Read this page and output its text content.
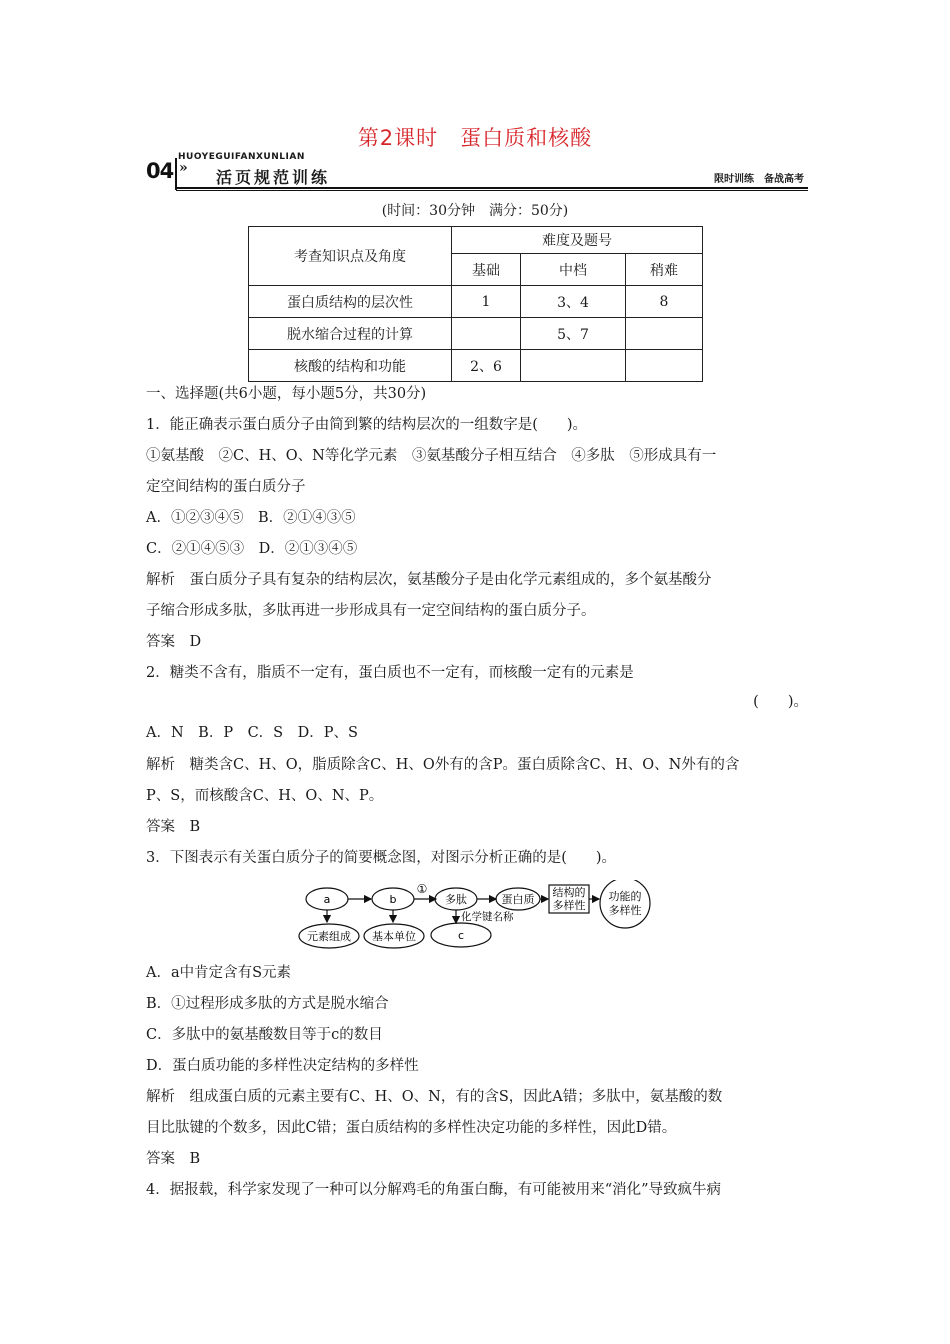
第2课时　蛋白质和核酸
04
HUOYEGUIFANXUNLIAN
» 活页规范训练	限时训练　备战高考
(时间：30分钟　满分：50分)
考查知识点及角度	难度及题号		
	基础	中档	稍难
蛋白质结构的层次性	1	3、4	8
脱水缩合过程的计算		5、7	
核酸的结构和功能	2、6		
一、选择题(共6小题，每小题5分，共30分)
1．能正确表示蛋白质分子由简到繁的结构层次的一组数字是(　　)。
①氨基酸　②C、H、O、N等化学元素　③氨基酸分子相互结合　④多肽　⑤形成具有一
定空间结构的蛋白质分子
A．①②③④⑤　B．②①④③⑤
C．②①④⑤③　D．②①③④⑤
解析　蛋白质分子具有复杂的结构层次，氨基酸分子是由化学元素组成的，多个氨基酸分
子缩合形成多肽，多肽再进一步形成具有一定空间结构的蛋白质分子。
答案　D
2．糖类不含有，脂质不一定有，蛋白质也不一定有，而核酸一定有的元素是
(　　)。
A．N　B．P　C．S　D．P、S
解析　糖类含C、H、O，脂质除含C、H、O外有的含P。蛋白质除含C、H、O、N外有的含
P、S，而核酸含C、H、O、N、P。
答案　B
3．下图表示有关蛋白质分子的简要概念图，对图示分析正确的是(　　)。
a	b
①
多肽	蛋白质
结构的
多样性
功能的
多样性
元素组成 基本单位
化学键名称
c
A．a中肯定含有S元素
B．①过程形成多肽的方式是脱水缩合
C．多肽中的氨基酸数目等于c的数目
D．蛋白质功能的多样性决定结构的多样性
解析　组成蛋白质的元素主要有C、H、O、N，有的含S，因此A错；多肽中，氨基酸的数
目比肽键的个数多，因此C错；蛋白质结构的多样性决定功能的多样性，因此D错。
答案　B
4．据报载，科学家发现了一种可以分解鸡毛的角蛋白酶，有可能被用来“消化”导致疯牛病
